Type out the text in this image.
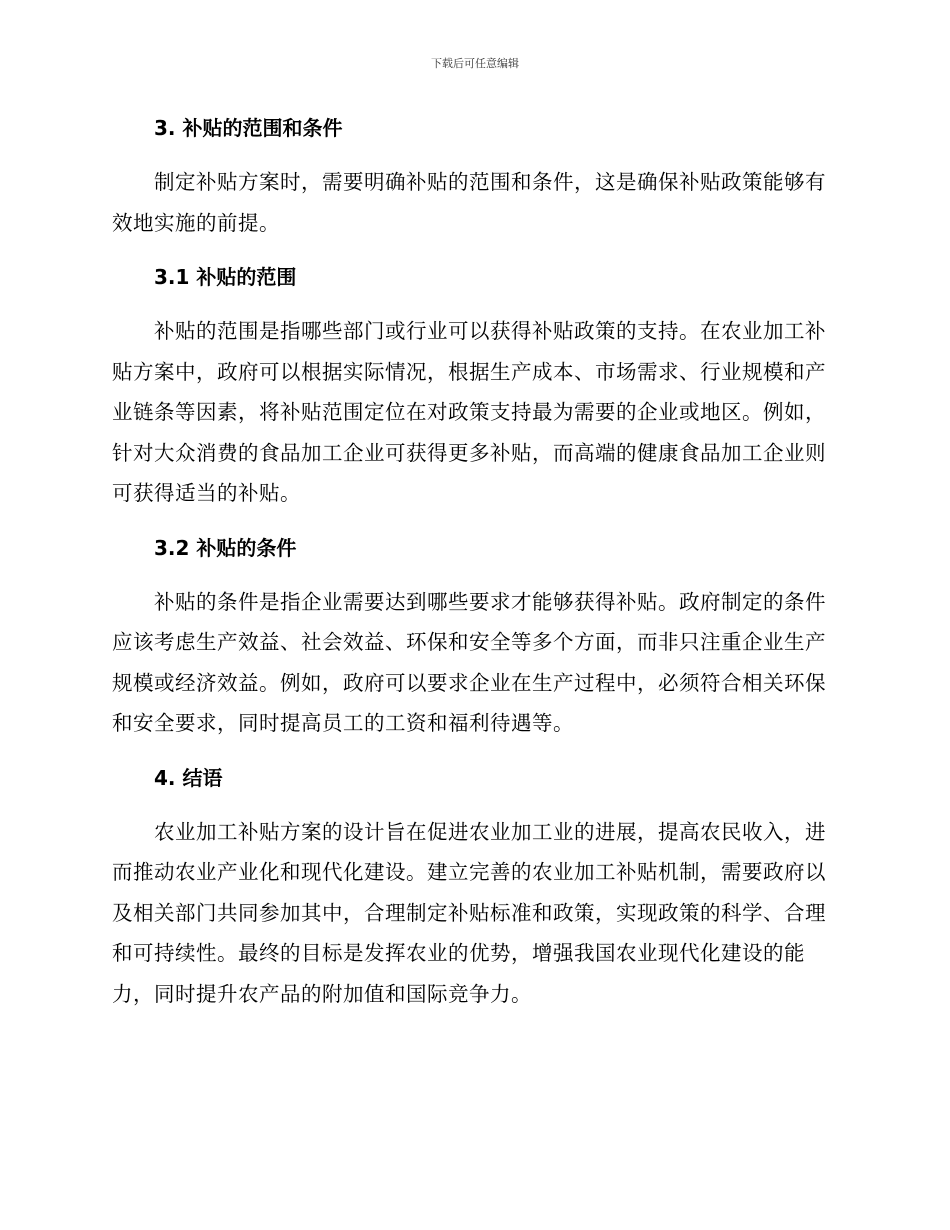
下载后可任意编辑
3. 补贴的范围和条件

制定补贴方案时，需要明确补贴的范围和条件，这是确保补贴政策能够有效地实施的前提。

3.1 补贴的范围

补贴的范围是指哪些部门或行业可以获得补贴政策的支持。在农业加工补贴方案中，政府可以根据实际情况，根据生产成本、市场需求、行业规模和产业链条等因素，将补贴范围定位在对政策支持最为需要的企业或地区。例如，针对大众消费的食品加工企业可获得更多补贴，而高端的健康食品加工企业则可获得适当的补贴。

3.2 补贴的条件

补贴的条件是指企业需要达到哪些要求才能够获得补贴。政府制定的条件应该考虑生产效益、社会效益、环保和安全等多个方面，而非只注重企业生产规模或经济效益。例如，政府可以要求企业在生产过程中，必须符合相关环保和安全要求，同时提高员工的工资和福利待遇等。

4. 结语

农业加工补贴方案的设计旨在促进农业加工业的进展，提高农民收入，进而推动农业产业化和现代化建设。建立完善的农业加工补贴机制，需要政府以及相关部门共同参加其中，合理制定补贴标准和政策，实现政策的科学、合理和可持续性。最终的目标是发挥农业的优势，增强我国农业现代化建设的能力，同时提升农产品的附加值和国际竞争力。
